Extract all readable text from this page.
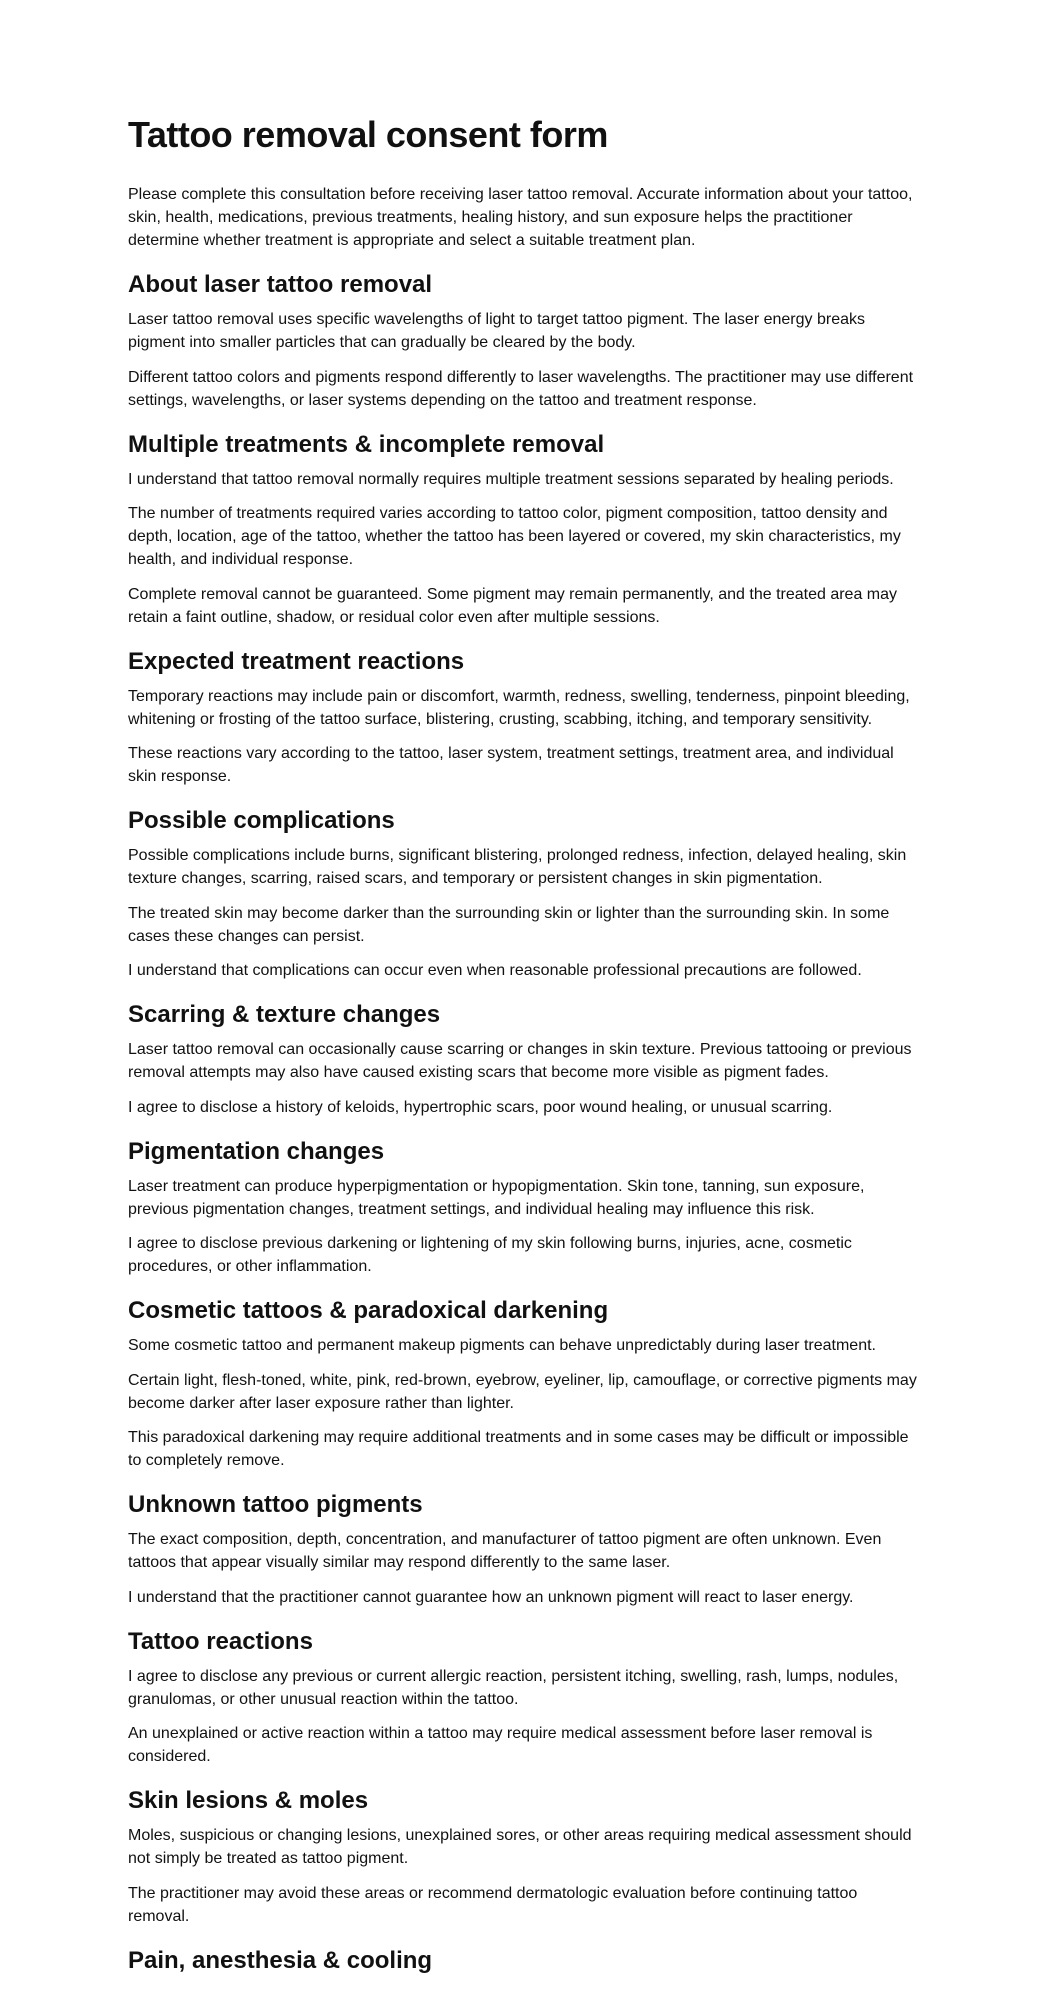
Tattoo removal consent form

Please complete this consultation before receiving laser tattoo removal. Accurate information about your tattoo, skin, health, medications, previous treatments, healing history, and sun exposure helps the practitioner determine whether treatment is appropriate and select a suitable treatment plan.

About laser tattoo removal

Laser tattoo removal uses specific wavelengths of light to target tattoo pigment. The laser energy breaks pigment into smaller particles that can gradually be cleared by the body.

Different tattoo colors and pigments respond differently to laser wavelengths. The practitioner may use different settings, wavelengths, or laser systems depending on the tattoo and treatment response.

Multiple treatments & incomplete removal

I understand that tattoo removal normally requires multiple treatment sessions separated by healing periods.

The number of treatments required varies according to tattoo color, pigment composition, tattoo density and depth, location, age of the tattoo, whether the tattoo has been layered or covered, my skin characteristics, my health, and individual response.

Complete removal cannot be guaranteed. Some pigment may remain permanently, and the treated area may retain a faint outline, shadow, or residual color even after multiple sessions.

Expected treatment reactions

Temporary reactions may include pain or discomfort, warmth, redness, swelling, tenderness, pinpoint bleeding, whitening or frosting of the tattoo surface, blistering, crusting, scabbing, itching, and temporary sensitivity.

These reactions vary according to the tattoo, laser system, treatment settings, treatment area, and individual skin response.

Possible complications

Possible complications include burns, significant blistering, prolonged redness, infection, delayed healing, skin texture changes, scarring, raised scars, and temporary or persistent changes in skin pigmentation.

The treated skin may become darker than the surrounding skin or lighter than the surrounding skin. In some cases these changes can persist.

I understand that complications can occur even when reasonable professional precautions are followed.

Scarring & texture changes

Laser tattoo removal can occasionally cause scarring or changes in skin texture. Previous tattooing or previous removal attempts may also have caused existing scars that become more visible as pigment fades.

I agree to disclose a history of keloids, hypertrophic scars, poor wound healing, or unusual scarring.

Pigmentation changes

Laser treatment can produce hyperpigmentation or hypopigmentation. Skin tone, tanning, sun exposure, previous pigmentation changes, treatment settings, and individual healing may influence this risk.

I agree to disclose previous darkening or lightening of my skin following burns, injuries, acne, cosmetic procedures, or other inflammation.

Cosmetic tattoos & paradoxical darkening

Some cosmetic tattoo and permanent makeup pigments can behave unpredictably during laser treatment.

Certain light, flesh-toned, white, pink, red-brown, eyebrow, eyeliner, lip, camouflage, or corrective pigments may become darker after laser exposure rather than lighter.

This paradoxical darkening may require additional treatments and in some cases may be difficult or impossible to completely remove.

Unknown tattoo pigments

The exact composition, depth, concentration, and manufacturer of tattoo pigment are often unknown. Even tattoos that appear visually similar may respond differently to the same laser.

I understand that the practitioner cannot guarantee how an unknown pigment will react to laser energy.

Tattoo reactions

I agree to disclose any previous or current allergic reaction, persistent itching, swelling, rash, lumps, nodules, granulomas, or other unusual reaction within the tattoo.

An unexplained or active reaction within a tattoo may require medical assessment before laser removal is considered.

Skin lesions & moles

Moles, suspicious or changing lesions, unexplained sores, or other areas requiring medical assessment should not simply be treated as tattoo pigment.

The practitioner may avoid these areas or recommend dermatologic evaluation before continuing tattoo removal.

Pain, anesthesia & cooling
